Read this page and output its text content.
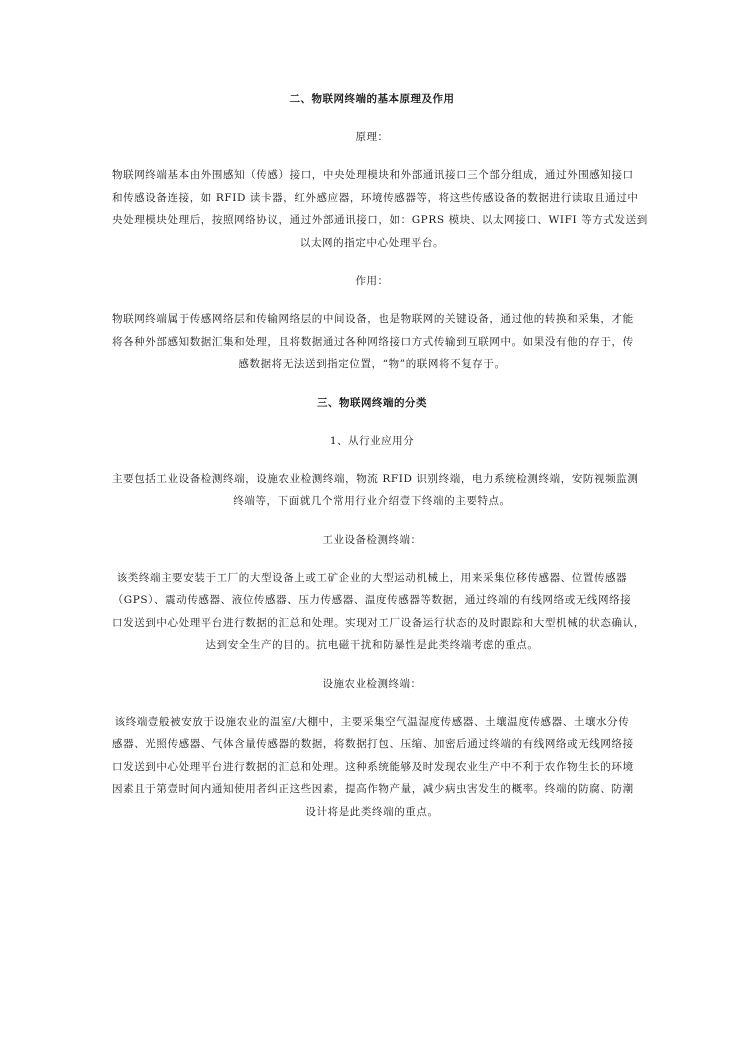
二、物联网终端的基本原理及作用
原理：
物联网终端基本由外围感知（传感）接口，中央处理模块和外部通讯接口三个部分组成，通过外围感知接口
和传感设备连接，如 RFID 读卡器，红外感应器，环境传感器等，将这些传感设备的数据进行读取且通过中
央处理模块处理后，按照网络协议，通过外部通讯接口，如：GPRS 模块、以太网接口、WIFI 等方式发送到
以太网的指定中心处理平台。
作用：
物联网终端属于传感网络层和传输网络层的中间设备，也是物联网的关键设备，通过他的转换和采集，才能
将各种外部感知数据汇集和处理，且将数据通过各种网络接口方式传输到互联网中。如果没有他的存于，传
感数据将无法送到指定位置，“物”的联网将不复存于。
三、物联网终端的分类
1、从行业应用分
主要包括工业设备检测终端，设施农业检测终端，物流 RFID 识别终端，电力系统检测终端，安防视频监测
终端等，下面就几个常用行业介绍壹下终端的主要特点。
工业设备检测终端：
该类终端主要安装于工厂的大型设备上或工矿企业的大型运动机械上，用来采集位移传感器、位置传感器
（GPS）、震动传感器、液位传感器、压力传感器、温度传感器等数据，通过终端的有线网络或无线网络接
口发送到中心处理平台进行数据的汇总和处理。实现对工厂设备运行状态的及时跟踪和大型机械的状态确认，
达到安全生产的目的。抗电磁干扰和防暴性是此类终端考虑的重点。
设施农业检测终端：
该终端壹般被安放于设施农业的温室/大棚中，主要采集空气温湿度传感器、土壤温度传感器、土壤水分传
感器、光照传感器、气体含量传感器的数据，将数据打包、压缩、加密后通过终端的有线网络或无线网络接
口发送到中心处理平台进行数据的汇总和处理。这种系统能够及时发现农业生产中不利于农作物生长的环境
因素且于第壹时间内通知使用者纠正这些因素，提高作物产量，减少病虫害发生的概率。终端的防腐、防潮
设计将是此类终端的重点。
